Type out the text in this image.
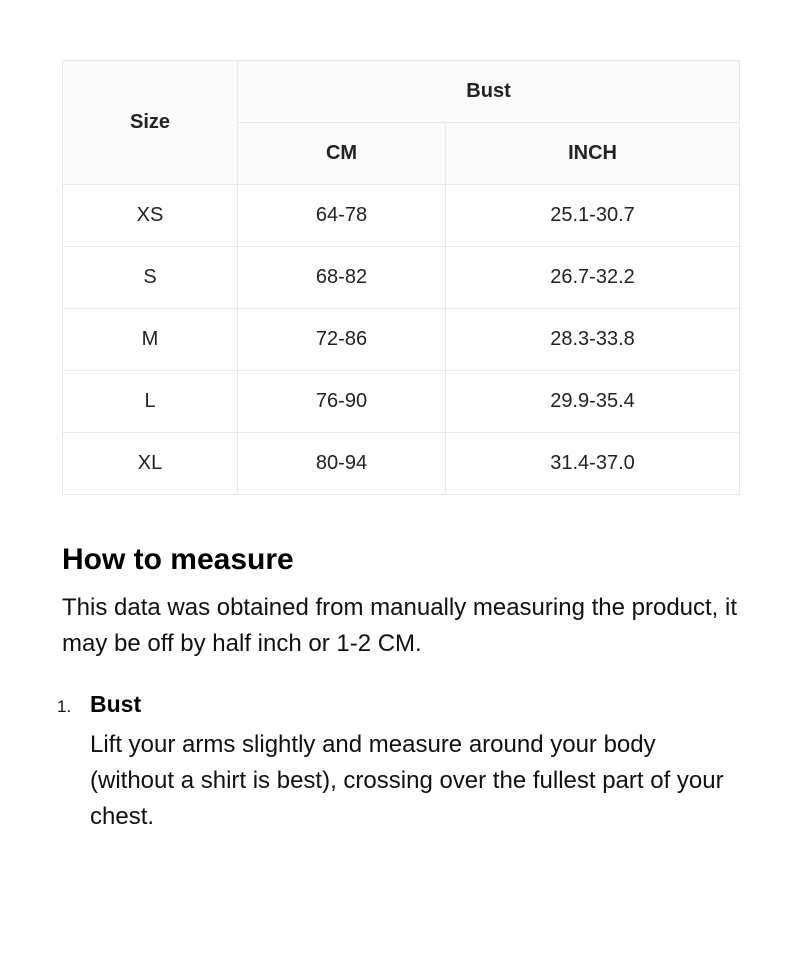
Size	Bust	
	CM	INCH
XS	64-78	25.1-30.7
S	68-82	26.7-32.2
M	72-86	28.3-33.8
L	76-90	29.9-35.4
XL	80-94	31.4-37.0
How to measure

This data was obtained from manually measuring the product, it may be off by half inch or 1-2 CM.

1. Bust

Lift your arms slightly and measure around your body (without a shirt is best), crossing over the fullest part of your chest.
